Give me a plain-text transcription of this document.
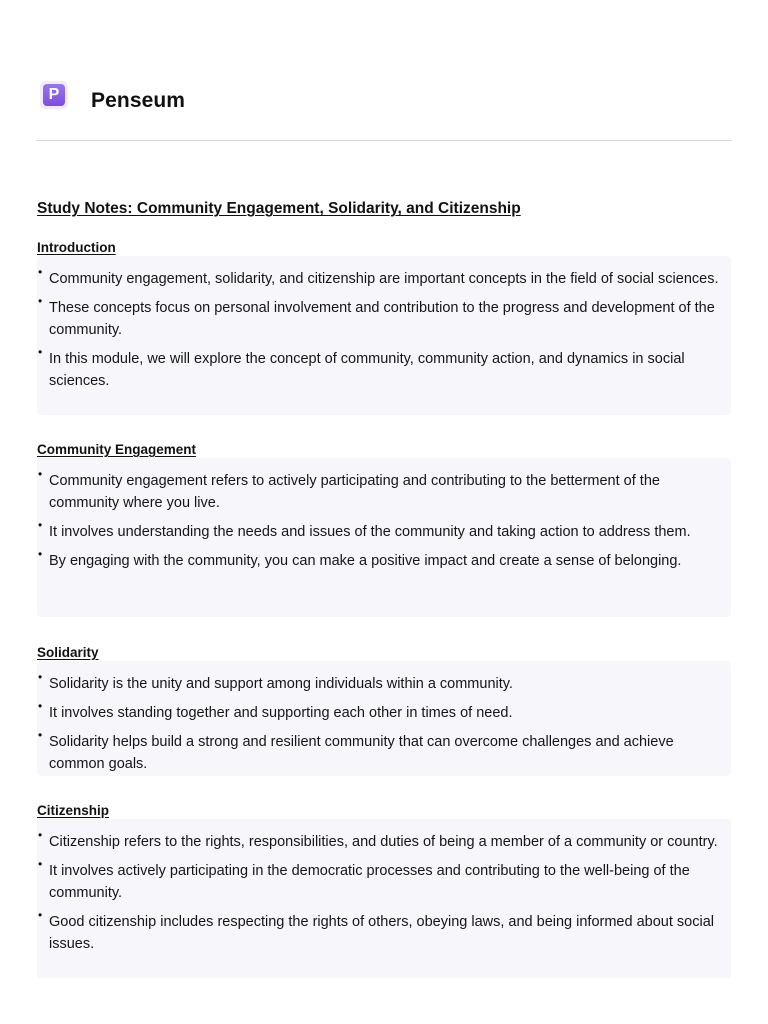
P Penseum
Study Notes: Community Engagement, Solidarity, and Citizenship
Introduction
• Community engagement, solidarity, and citizenship are important concepts in the field of social sciences.
• These concepts focus on personal involvement and contribution to the progress and development of the community.
• In this module, we will explore the concept of community, community action, and dynamics in social sciences.
Community Engagement
• Community engagement refers to actively participating and contributing to the betterment of the community where you live.
• It involves understanding the needs and issues of the community and taking action to address them.
• By engaging with the community, you can make a positive impact and create a sense of belonging.
Solidarity
• Solidarity is the unity and support among individuals within a community.
• It involves standing together and supporting each other in times of need.
• Solidarity helps build a strong and resilient community that can overcome challenges and achieve common goals.
Citizenship
• Citizenship refers to the rights, responsibilities, and duties of being a member of a community or country.
• It involves actively participating in the democratic processes and contributing to the well-being of the community.
• Good citizenship includes respecting the rights of others, obeying laws, and being informed about social issues.
